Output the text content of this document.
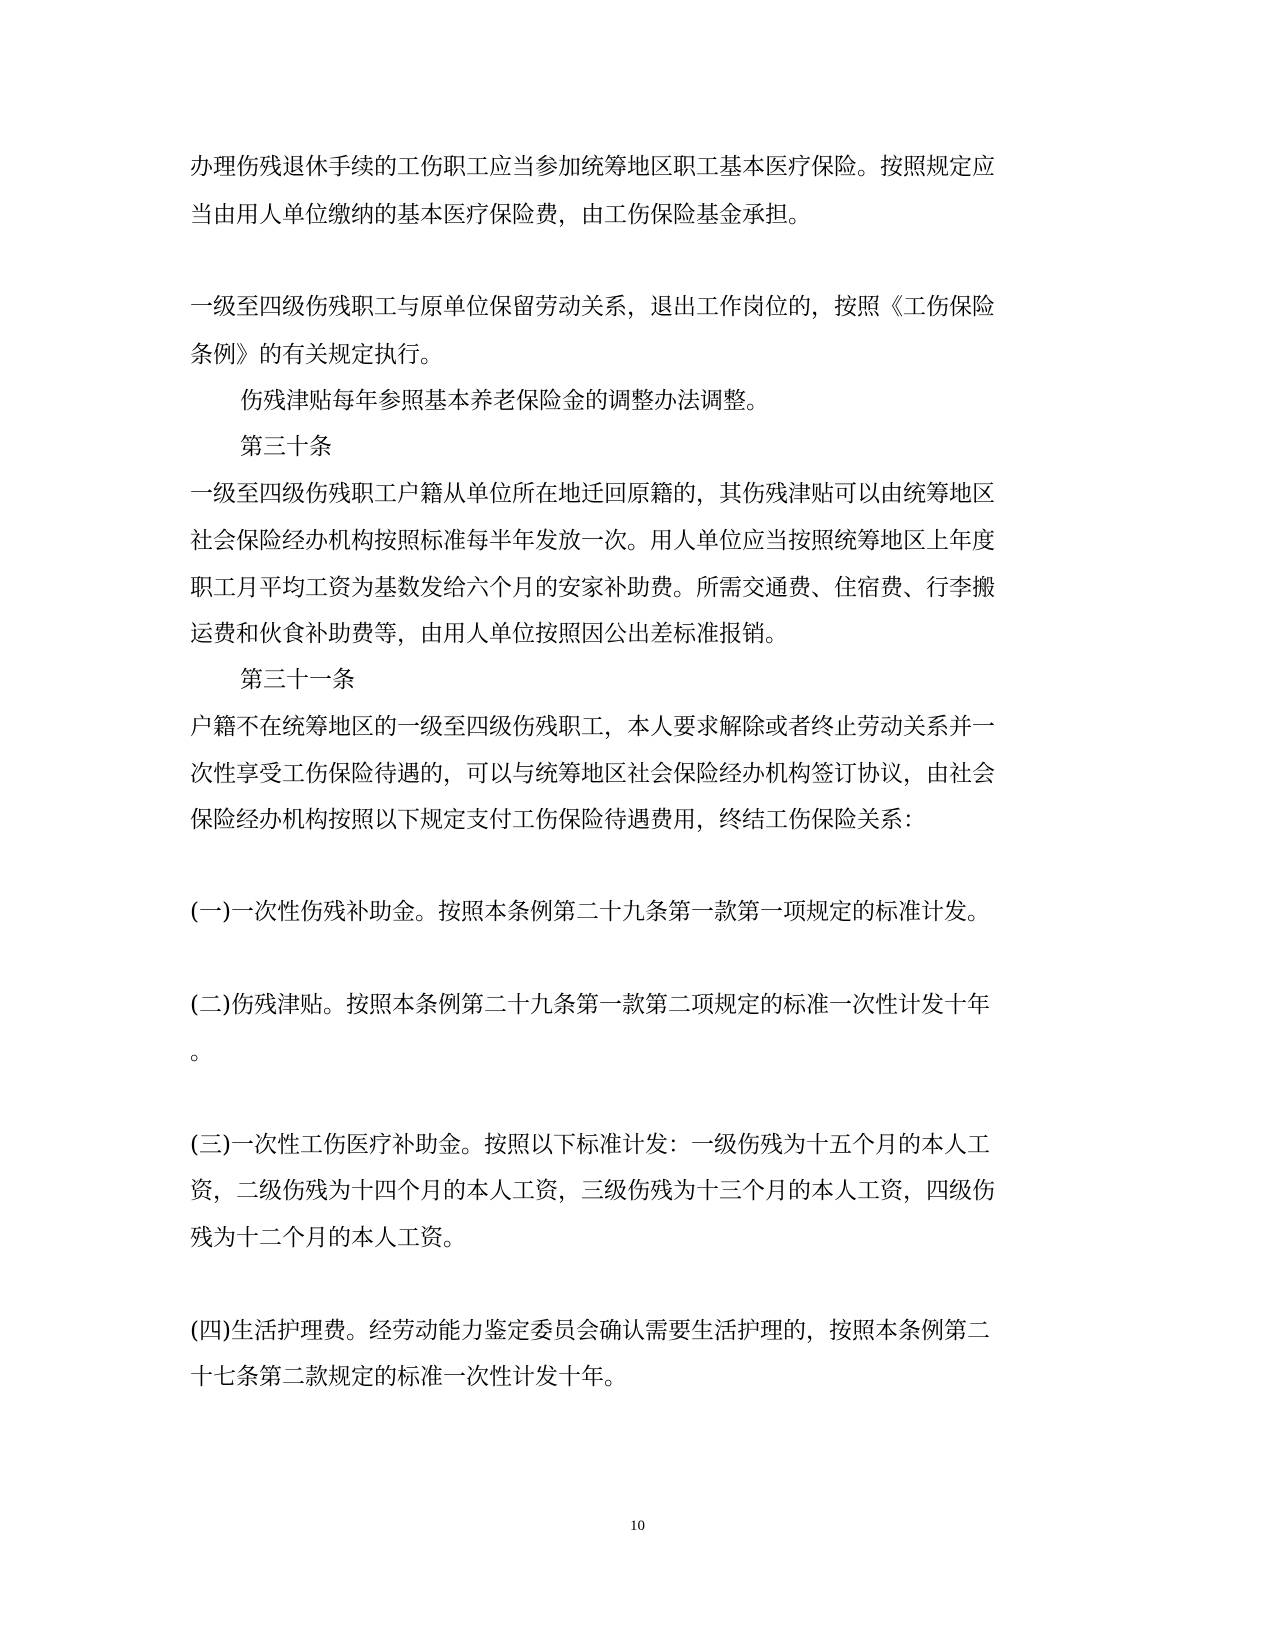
办理伤残退休手续的工伤职工应当参加统筹地区职工基本医疗保险。按照规定应
当由用人单位缴纳的基本医疗保险费，由工伤保险基金承担。
一级至四级伤残职工与原单位保留劳动关系，退出工作岗位的，按照《工伤保险
条例》的有关规定执行。
伤残津贴每年参照基本养老保险金的调整办法调整。
第三十条
一级至四级伤残职工户籍从单位所在地迁回原籍的，其伤残津贴可以由统筹地区
社会保险经办机构按照标准每半年发放一次。用人单位应当按照统筹地区上年度
职工月平均工资为基数发给六个月的安家补助费。所需交通费、住宿费、行李搬
运费和伙食补助费等，由用人单位按照因公出差标准报销。
第三十一条
户籍不在统筹地区的一级至四级伤残职工，本人要求解除或者终止劳动关系并一
次性享受工伤保险待遇的，可以与统筹地区社会保险经办机构签订协议，由社会
保险经办机构按照以下规定支付工伤保险待遇费用，终结工伤保险关系：
(一)一次性伤残补助金。按照本条例第二十九条第一款第一项规定的标准计发。
(二)伤残津贴。按照本条例第二十九条第一款第二项规定的标准一次性计发十年
。
(三)一次性工伤医疗补助金。按照以下标准计发：一级伤残为十五个月的本人工
资，二级伤残为十四个月的本人工资，三级伤残为十三个月的本人工资，四级伤
残为十二个月的本人工资。
(四)生活护理费。经劳动能力鉴定委员会确认需要生活护理的，按照本条例第二
十七条第二款规定的标准一次性计发十年。
10
